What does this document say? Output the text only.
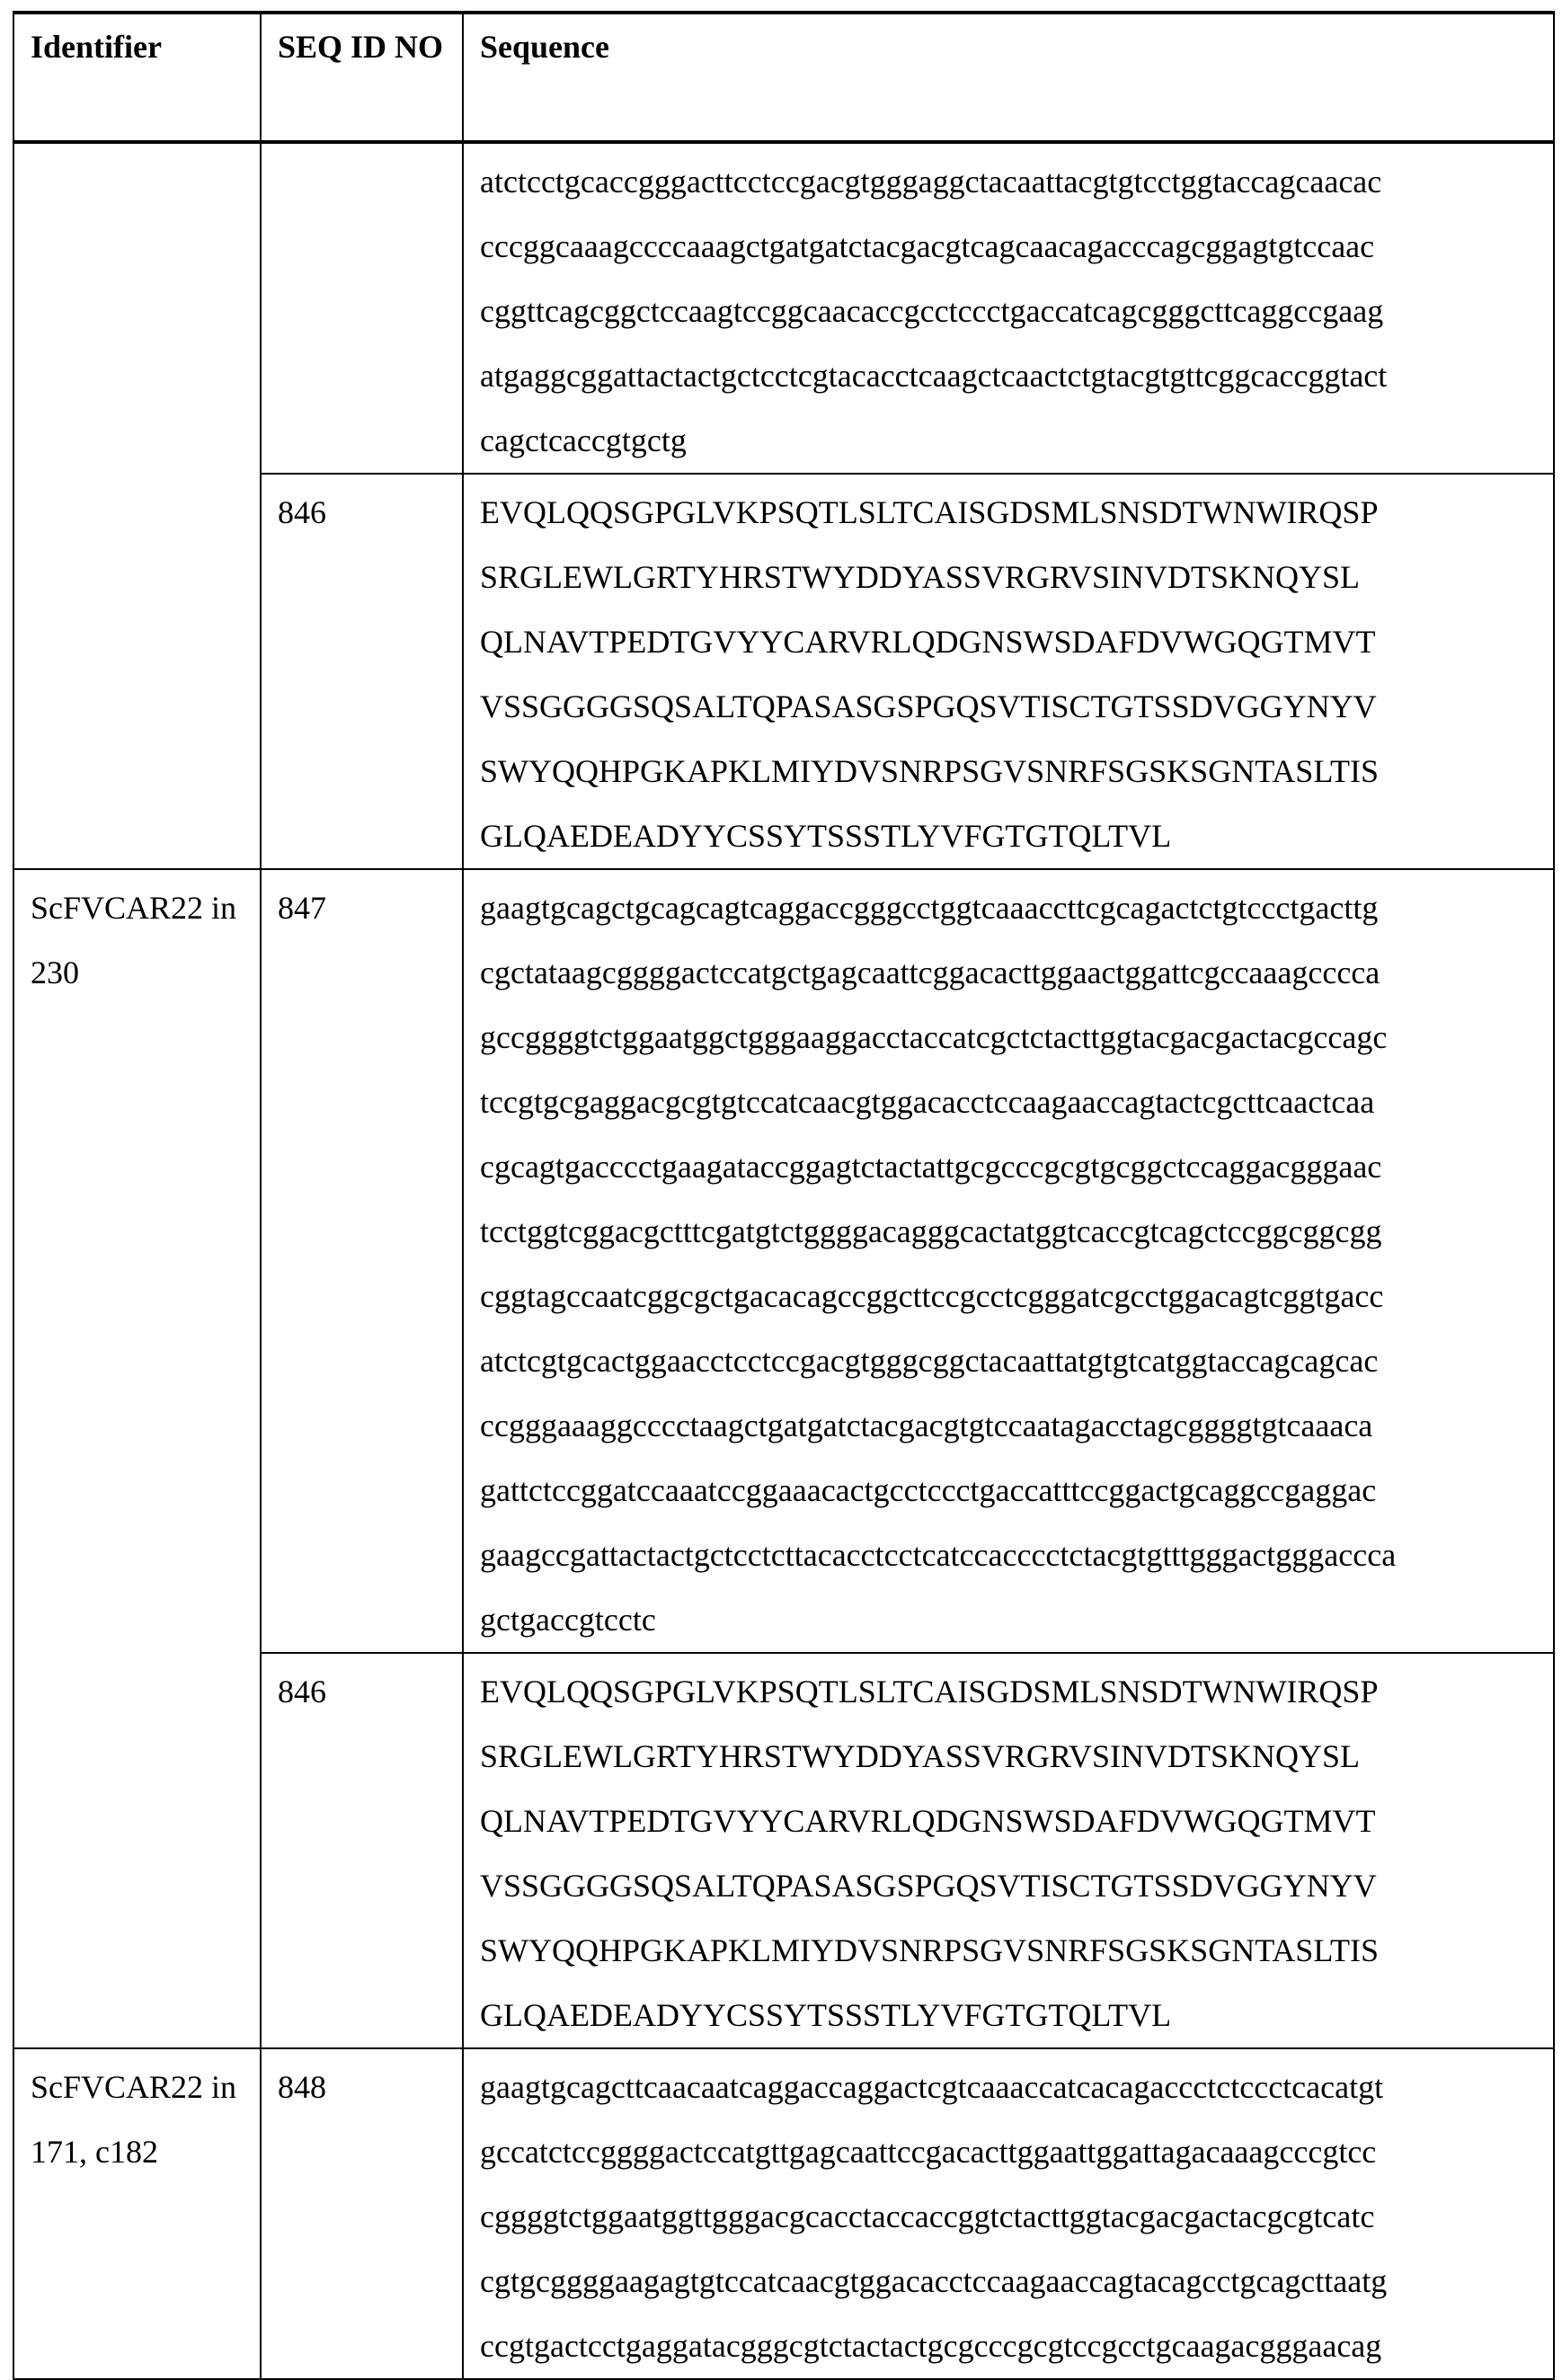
Identifier	SEQ ID NO	Sequence

atctcctgcaccgggacttcctccgacgtgggaggctacaattacgtgtcctggtaccagcaacac
cccggcaaagccccaaagctgatgatctacgacgtcagcaacagacccagcggagtgtccaac
cggttcagcggctccaagtccggcaacaccgcctccctgaccatcagcgggcttcaggccgaag
atgaggcggattactactgctcctcgtacacctcaagctcaactctgtacgtgttcggcaccggtact
cagctcaccgtgctg

846	EVQLQQSGPGLVKPSQTLSLTCAISGDSMLSNSDTWNWIRQSP
SRGLEWLGRTYHRSTWYDDYASSVRGRVSINVDTSKNQYSL
QLNAVTPEDTGVYYCARVRLQDGNSWSDAFDVWGQGTMVT
VSSGGGGSQSALTQPASASGSPGQSVTISCTGTSSDVGGYNYV
SWYQQHPGKAPKLMIYDVSNRPSGVSNRFSGSKSGNTASLTIS
GLQAEDEADYYCSSYTSSSTLYVFGTGTQLTVL

ScFVCAR22 in 230	847	gaagtgcagctgcagcagtcaggaccgggcctggtcaaaccttcgcagactctgtccctgacttg
cgctataagcggggactccatgctgagcaattcggacacttggaactggattcgccaaagcccca
gccggggtctggaatggctgggaaggacctaccatcgctctacttggtacgacgactacgccagc
tccgtgcgaggacgcgtgtccatcaacgtggacacctccaagaaccagtactcgcttcaactcaa
cgcagtgacccctgaagataccggagtctactattgcgcccgcgtgcggctccaggacgggaac
tcctggtcggacgctttcgatgtctggggacagggcactatggtcaccgtcagctccggcggcgg
cggtagccaatcggcgctgacacagccggcttccgcctcgggatcgcctggacagtcggtgacc
atctcgtgcactggaacctcctccgacgtgggcggctacaattatgtgtcatggtaccagcagcac
ccgggaaaggcccctaagctgatgatctacgacgtgtccaatagacctagcggggtgtcaaaca
gattctccggatccaaatccggaaacactgcctccctgaccatttccggactgcaggccgaggac
gaagccgattactactgctcctcttacacctcctcatccacccctctacgtgtttgggactgggaccca
gctgaccgtcctc

846	EVQLQQSGPGLVKPSQTLSLTCAISGDSMLSNSDTWNWIRQSP
SRGLEWLGRTYHRSTWYDDYASSVRGRVSINVDTSKNQYSL
QLNAVTPEDTGVYYCARVRLQDGNSWSDAFDVWGQGTMVT
VSSGGGGSQSALTQPASASGSPGQSVTISCTGTSSDVGGYNYV
SWYQQHPGKAPKLMIYDVSNRPSGVSNRFSGSKSGNTASLTIS
GLQAEDEADYYCSSYTSSSTLYVFGTGTQLTVL

ScFVCAR22 in 171, c182	848	gaagtgcagcttcaacaatcaggaccaggactcgtcaaaccatcacagaccctctccctcacatgt
gccatctccggggactccatgttgagcaattccgacacttggaattggattagacaaagcccgtcc
cggggtctggaatggttgggacgcacctaccaccggtctacttggtacgacgactacgcgtcatc
cgtgcggggaagagtgtccatcaacgtggacacctccaagaaccagtacagcctgcagcttaatg
ccgtgactcctgaggatacgggcgtctactactgcgcccgcgtccgcctgcaagacgggaacag
